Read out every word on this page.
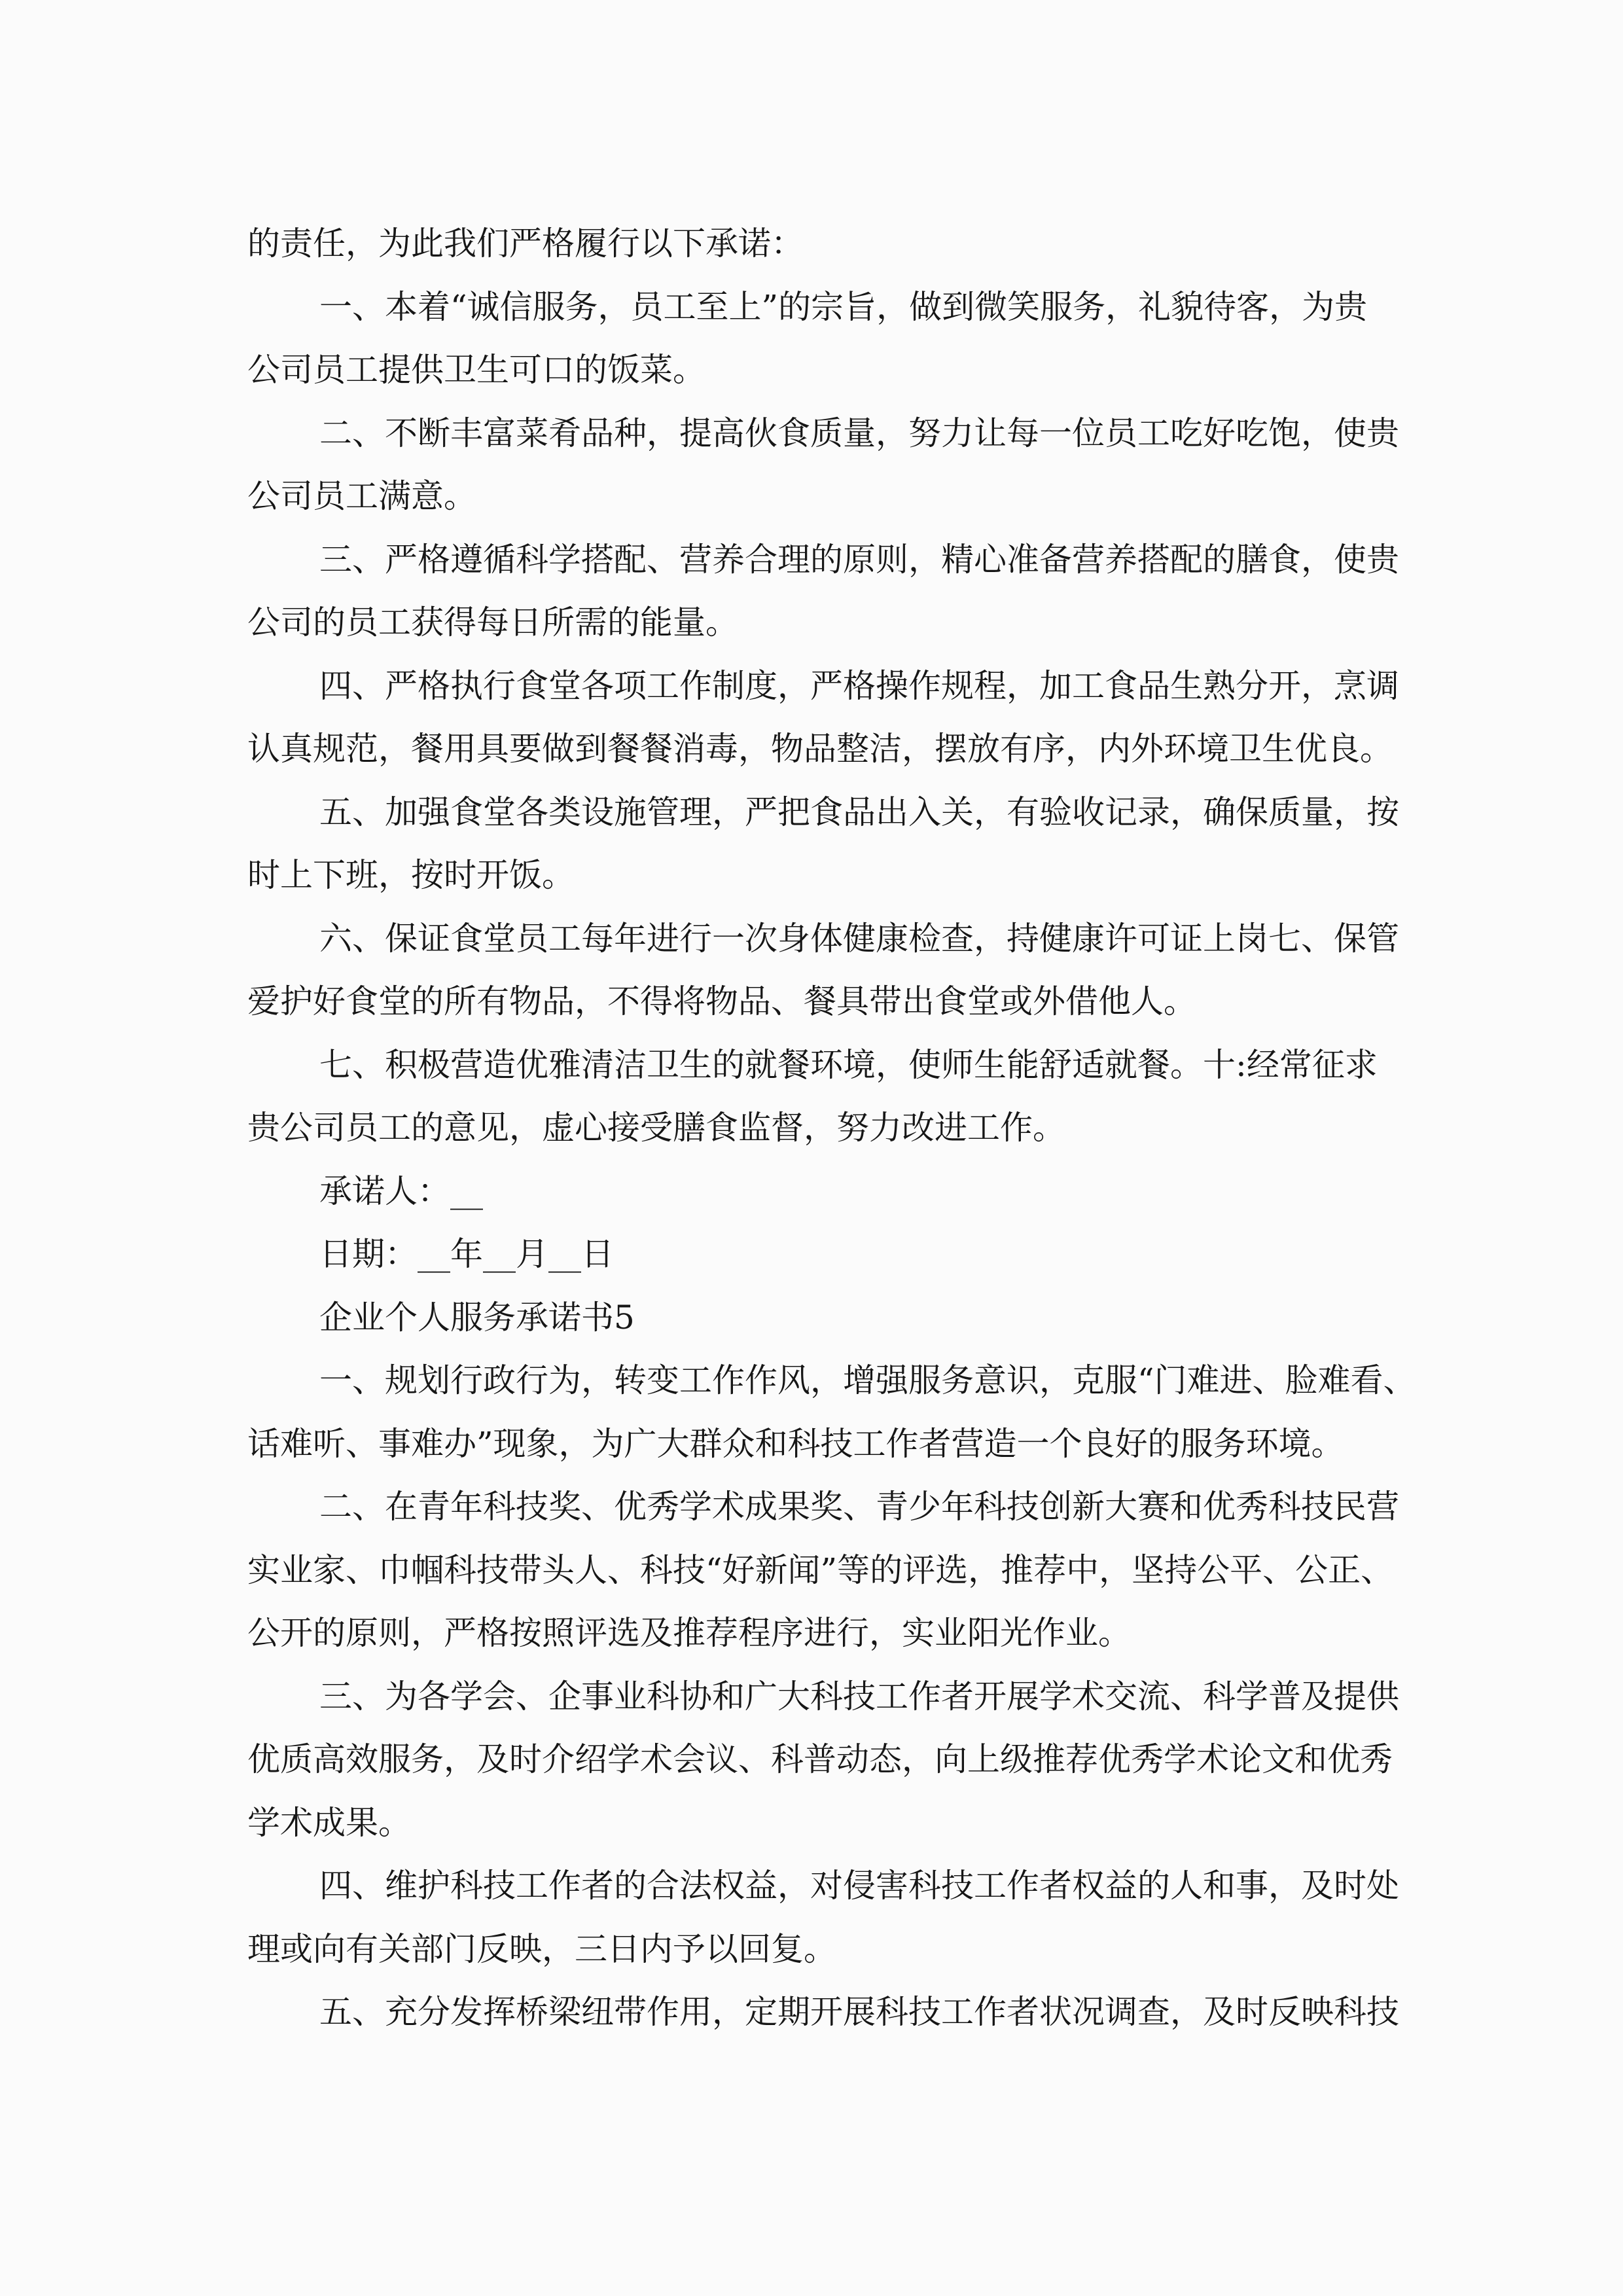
的责任，为此我们严格履行以下承诺：
一、本着“诚信服务，员工至上”的宗旨，做到微笑服务，礼貌待客，为贵
公司员工提供卫生可口的饭菜。
二、不断丰富菜肴品种，提高伙食质量，努力让每一位员工吃好吃饱，使贵
公司员工满意。
三、严格遵循科学搭配、营养合理的原则，精心准备营养搭配的膳食，使贵
公司的员工获得每日所需的能量。
四、严格执行食堂各项工作制度，严格操作规程，加工食品生熟分开，烹调
认真规范，餐用具要做到餐餐消毒，物品整洁，摆放有序，内外环境卫生优良。
五、加强食堂各类设施管理，严把食品出入关，有验收记录，确保质量，按
时上下班，按时开饭。
六、保证食堂员工每年进行一次身体健康检查，持健康许可证上岗七、保管
爱护好食堂的所有物品，不得将物品、餐具带出食堂或外借他人。
七、积极营造优雅清洁卫生的就餐环境，使师生能舒适就餐。十:经常征求
贵公司员工的意见，虚心接受膳食监督，努力改进工作。
承诺人：__
日期：__年__月__日
企业个人服务承诺书5
一、规划行政行为，转变工作作风，增强服务意识，克服“门难进、脸难看、
话难听、事难办”现象，为广大群众和科技工作者营造一个良好的服务环境。
二、在青年科技奖、优秀学术成果奖、青少年科技创新大赛和优秀科技民营
实业家、巾帼科技带头人、科技“好新闻”等的评选，推荐中，坚持公平、公正、
公开的原则，严格按照评选及推荐程序进行，实业阳光作业。
三、为各学会、企事业科协和广大科技工作者开展学术交流、科学普及提供
优质高效服务，及时介绍学术会议、科普动态，向上级推荐优秀学术论文和优秀
学术成果。
四、维护科技工作者的合法权益，对侵害科技工作者权益的人和事，及时处
理或向有关部门反映，三日内予以回复。
五、充分发挥桥梁纽带作用，定期开展科技工作者状况调查，及时反映科技
